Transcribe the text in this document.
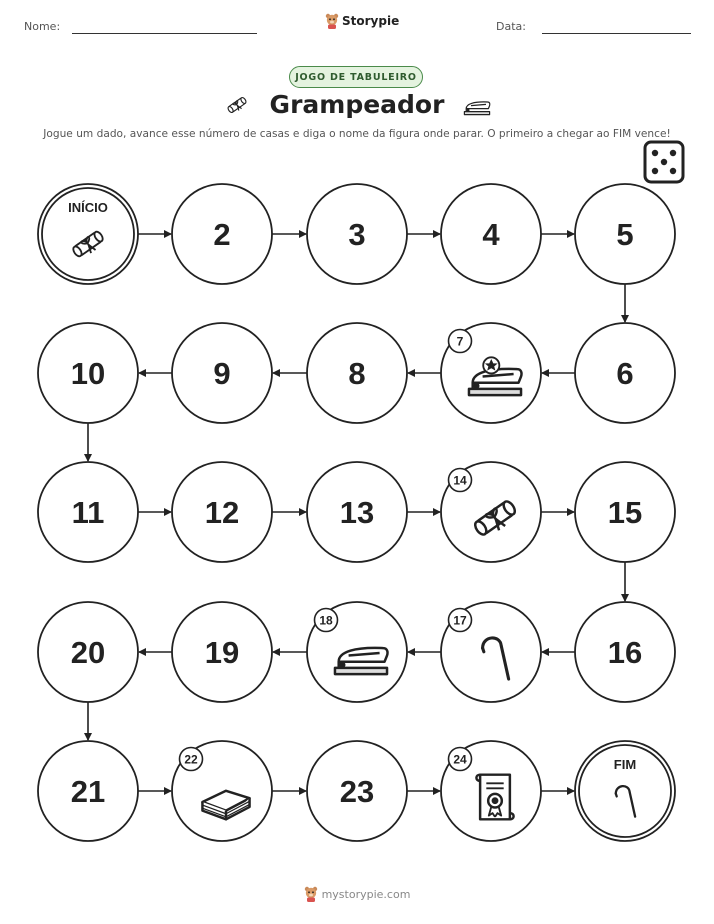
Nome:	Storypie	Data:
JOGO DE TABULEIRO
Grampeador
Jogue um dado, avance esse número de casas e diga o nome da figura onde parar. O primeiro a chegar ao FIM vence!
INÍCIO
2	3	4	5
6
7
8
9
10
11	12	13
14
15
16
17
18
19
20
21
22
23
24	FIM
mystorypie.com
